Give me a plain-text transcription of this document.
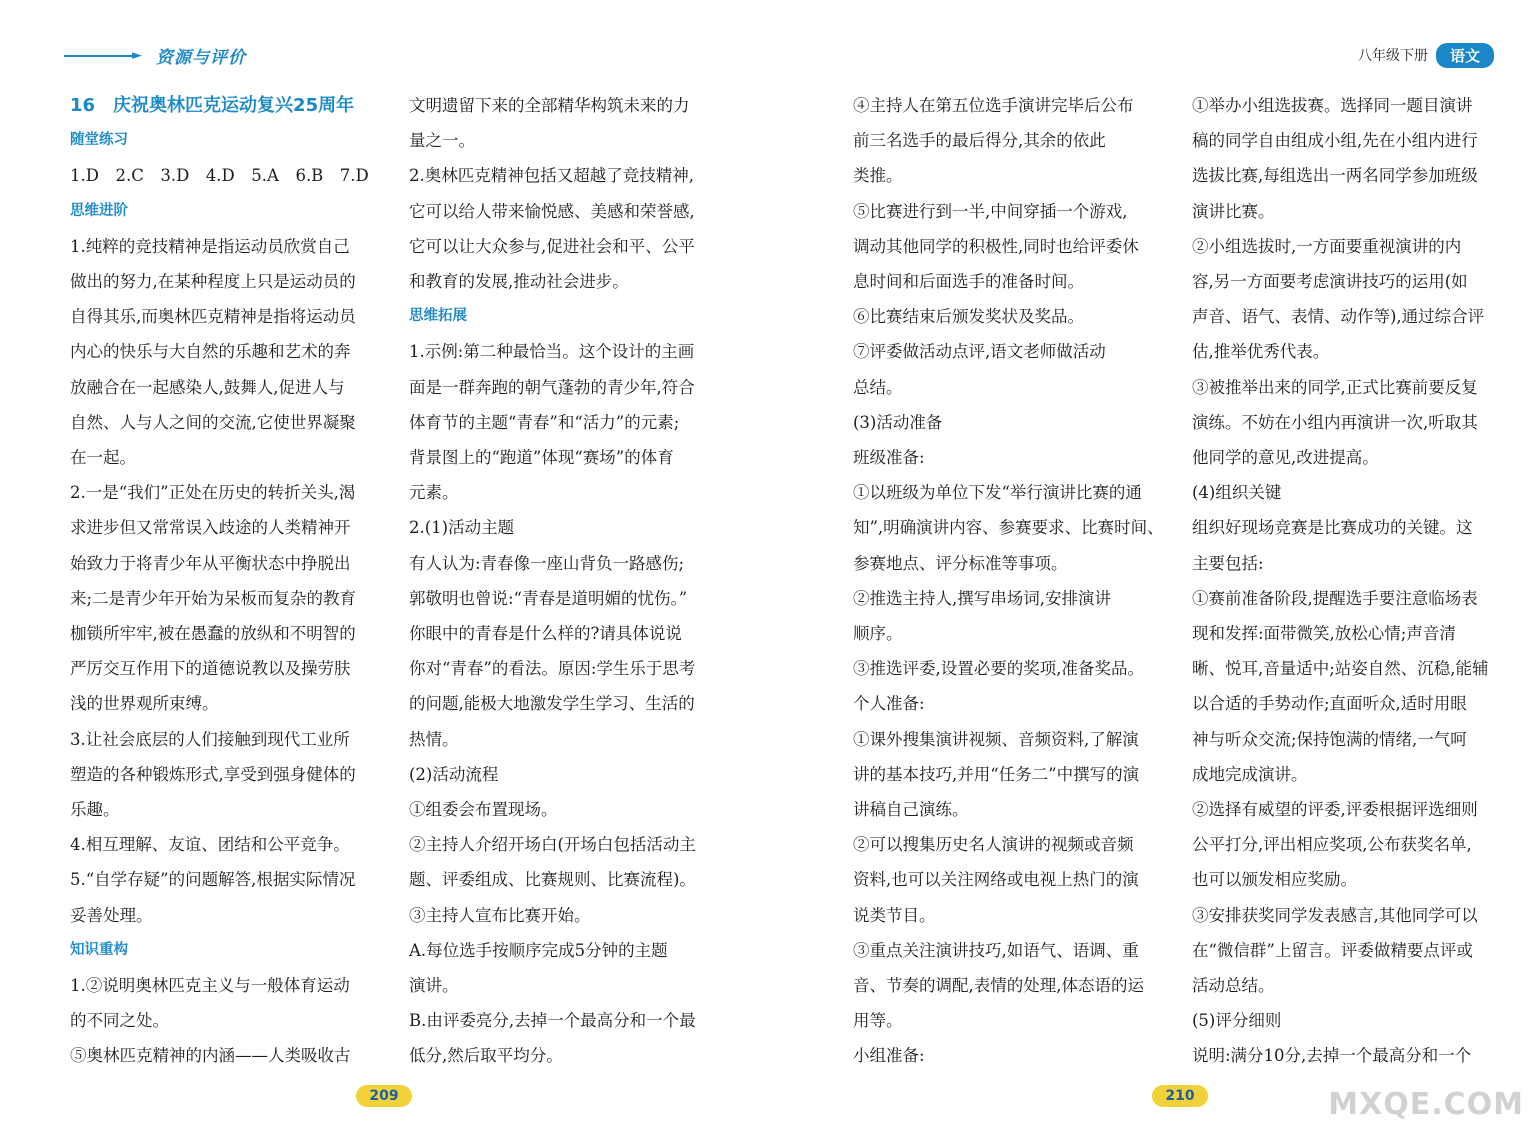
► 资源与评价	八年级下册	语文

16　庆祝奥林匹克运动复兴25周年

随堂练习

1.D　2.C　3.D　4.D　5.A　6.B　7.D

思维进阶

1.纯粹的竞技精神是指运动员欣赏自己
做出的努力,在某种程度上只是运动员的
自得其乐,而奥林匹克精神是指将运动员
内心的快乐与大自然的乐趣和艺术的奔
放融合在一起感染人,鼓舞人,促进人与
自然、人与人之间的交流,它使世界凝聚
在一起。

2.一是“我们”正处在历史的转折关头,渴
求进步但又常常误入歧途的人类精神开
始致力于将青少年从平衡状态中挣脱出
来;二是青少年开始为呆板而复杂的教育
枷锁所牢牢,被在愚蠢的放纵和不明智的
严厉交互作用下的道德说教以及操劳肤
浅的世界观所束缚。

3.让社会底层的人们接触到现代工业所
塑造的各种锻炼形式,享受到强身健体的
乐趣。

4.相互理解、友谊、团结和公平竞争。

5.“自学存疑”的问题解答,根据实际情况
妥善处理。

知识重构

1.②说明奥林匹克主义与一般体育运动
的不同之处。

⑤奥林匹克精神的内涵——人类吸收古

文明遗留下来的全部精华构筑未来的力
量之一。

2.奥林匹克精神包括又超越了竞技精神,
它可以给人带来愉悦感、美感和荣誉感,
它可以让大众参与,促进社会和平、公平
和教育的发展,推动社会进步。

思维拓展

1.示例:第二种最恰当。这个设计的主画
面是一群奔跑的朝气蓬勃的青少年,符合
体育节的主题“青春”和“活力”的元素;
背景图上的“跑道”体现“赛场”的体育
元素。

2.(1)活动主题

有人认为:青春像一座山背负一路感伤;
郭敬明也曾说:“青春是道明媚的忧伤。”
你眼中的青春是什么样的?请具体说说
你对“青春”的看法。原因:学生乐于思考
的问题,能极大地激发学生学习、生活的
热情。

(2)活动流程

①组委会布置现场。

②主持人介绍开场白(开场白包括活动主
题、评委组成、比赛规则、比赛流程)。

③主持人宣布比赛开始。

A.每位选手按顺序完成5分钟的主题
演讲。

B.由评委亮分,去掉一个最高分和一个最
低分,然后取平均分。

④主持人在第五位选手演讲完毕后公布
前三名选手的最后得分,其余的依此
类推。

⑤比赛进行到一半,中间穿插一个游戏,
调动其他同学的积极性,同时也给评委休
息时间和后面选手的准备时间。

⑥比赛结束后颁发奖状及奖品。

⑦评委做活动点评,语文老师做活动
总结。

(3)活动准备

班级准备:

①以班级为单位下发“举行演讲比赛的通
知”,明确演讲内容、参赛要求、比赛时间、
参赛地点、评分标准等事项。

②推选主持人,撰写串场词,安排演讲
顺序。

③推选评委,设置必要的奖项,准备奖品。

个人准备:

①课外搜集演讲视频、音频资料,了解演
讲的基本技巧,并用“任务二”中撰写的演
讲稿自己演练。

②可以搜集历史名人演讲的视频或音频
资料,也可以关注网络或电视上热门的演
说类节目。

③重点关注演讲技巧,如语气、语调、重
音、节奏的调配,表情的处理,体态语的运
用等。

小组准备:

①举办小组选拔赛。选择同一题目演讲
稿的同学自由组成小组,先在小组内进行
选拔比赛,每组选出一两名同学参加班级
演讲比赛。

②小组选拔时,一方面要重视演讲的内
容,另一方面要考虑演讲技巧的运用(如
声音、语气、表情、动作等),通过综合评
估,推举优秀代表。

③被推举出来的同学,正式比赛前要反复
演练。不妨在小组内再演讲一次,听取其
他同学的意见,改进提高。

(4)组织关键

组织好现场竞赛是比赛成功的关键。这
主要包括:

①赛前准备阶段,提醒选手要注意临场表
现和发挥:面带微笑,放松心情;声音清
晰、悦耳,音量适中;站姿自然、沉稳,能辅
以合适的手势动作;直面听众,适时用眼
神与听众交流;保持饱满的情绪,一气呵
成地完成演讲。

②选择有威望的评委,评委根据评选细则
公平打分,评出相应奖项,公布获奖名单,
也可以颁发相应奖励。

③安排获奖同学发表感言,其他同学可以
在“微信群”上留言。评委做精要点评或
活动总结。

(5)评分细则

说明:满分10分,去掉一个最高分和一个

209	210	MXQE.COM
